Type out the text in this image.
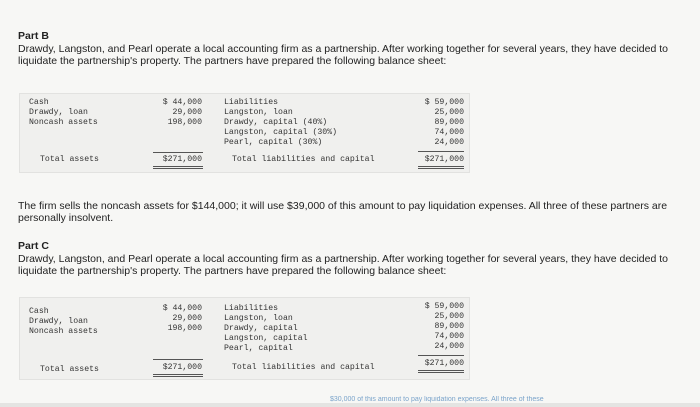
Part B
Drawdy, Langston, and Pearl operate a local accounting firm as a partnership. After working together for several years, they have decided to liquidate the partnership's property. The partners have prepared the following balance sheet:
Cash
Drawdy, loan
Noncash assets
$ 44,000
29,000
198,000
Total assets	$271,000
Liabilities
Langston, loan
Drawdy, capital (40%)
Langston, capital (30%)
Pearl, capital (30%)
Total liabilities and capital
$ 59,000
25,000
89,000
74,000
24,000
$271,000
The firm sells the noncash assets for $144,000; it will use $39,000 of this amount to pay liquidation expenses. All three of these partners are personally insolvent.
Part C
Drawdy, Langston, and Pearl operate a local accounting firm as a partnership. After working together for several years, they have decided to liquidate the partnership's property. The partners have prepared the following balance sheet:
Cash
Drawdy, loan
Noncash assets
$ 44,000
29,000
198,000
Total assets	$271,000
Liabilities
Langston, loan
Drawdy, capital
Langston, capital
Pearl, capital
Total liabilities and capital
$ 59,000
25,000
89,000
74,000
24,000
$271,000
$30,000 of this amount to pay liquidation expenses. All three of these
